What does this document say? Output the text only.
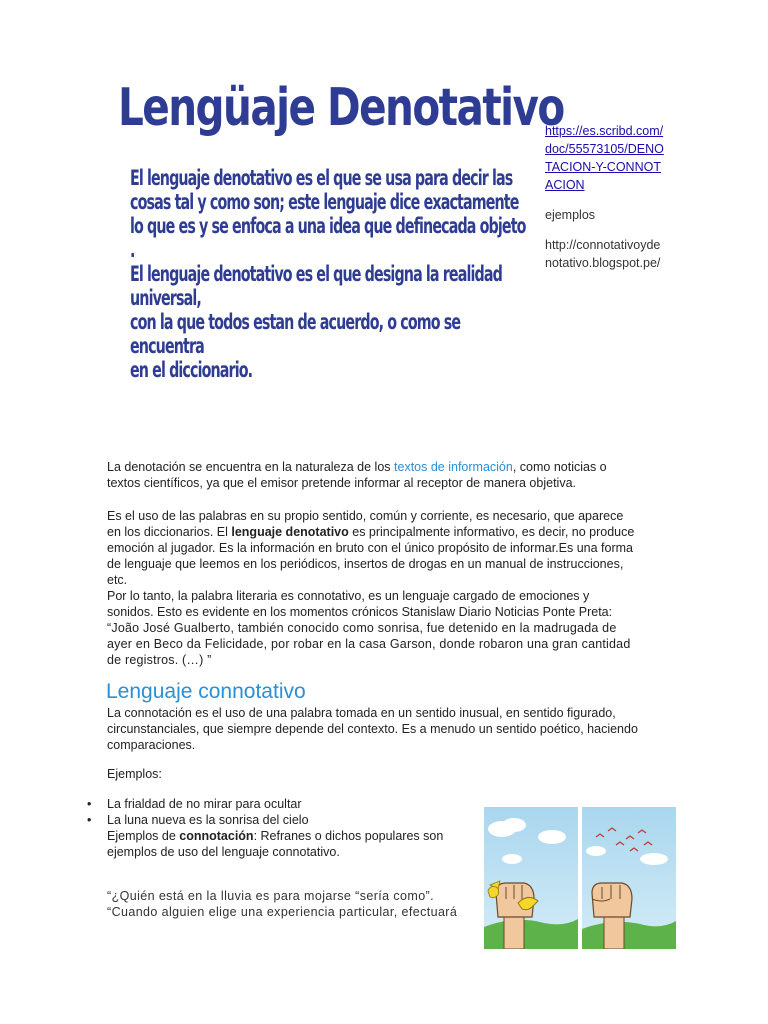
Lengüaje Denotativo

El lenguaje denotativo es el que se usa para decir las

cosas tal y como son; este lenguaje dice exactamente

lo que es y se enfoca a una idea que definecada objeto .

El lenguaje denotativo es el que designa la realidad universal,

con la que todos estan de acuerdo, o como se encuentra

en el diccionario.

https://es.scribd.com/doc/55573105/DENOTACION-Y-CONNOTACION
ejemplos
http://connotativoydenotativo.blogspot.pe/

La denotación se encuentra en la naturaleza de los textos de información, como noticias o textos científicos, ya que el emisor pretende informar al receptor de manera objetiva.

Es el uso de las palabras en su propio sentido, común y corriente, es necesario, que aparece en los diccionarios. El lenguaje denotativo es principalmente informativo, es decir, no produce emoción al jugador. Es la información en bruto con el único propósito de informar.Es una forma de lenguaje que leemos en los periódicos, insertos de drogas en un manual de instrucciones, etc.

Por lo tanto, la palabra literaria es connotativo, es un lenguaje cargado de emociones y sonidos. Esto es evidente en los momentos crónicos Stanislaw Diario Noticias Ponte Preta:

“João José Gualberto, también conocido como sonrisa, fue detenido en la madrugada de ayer en Beco da Felicidade, por robar en la casa Garson, donde robaron una gran cantidad de registros. (…) ”

Lenguaje connotativo
La connotación es el uso de una palabra tomada en un sentido inusual, en sentido figurado, circunstanciales, que siempre depende del contexto. Es a menudo un sentido poético, haciendo comparaciones.
Ejemplos:
• La frialdad de no mirar para ocultar
• La luna nueva es la sonrisa del cielo
Ejemplos de connotación: Refranes o dichos populares son ejemplos de uso del lenguaje connotativo.
“¿Quién está en la lluvia es para mojarse “sería como”.
“Cuando alguien elige una experiencia particular, efectuará
